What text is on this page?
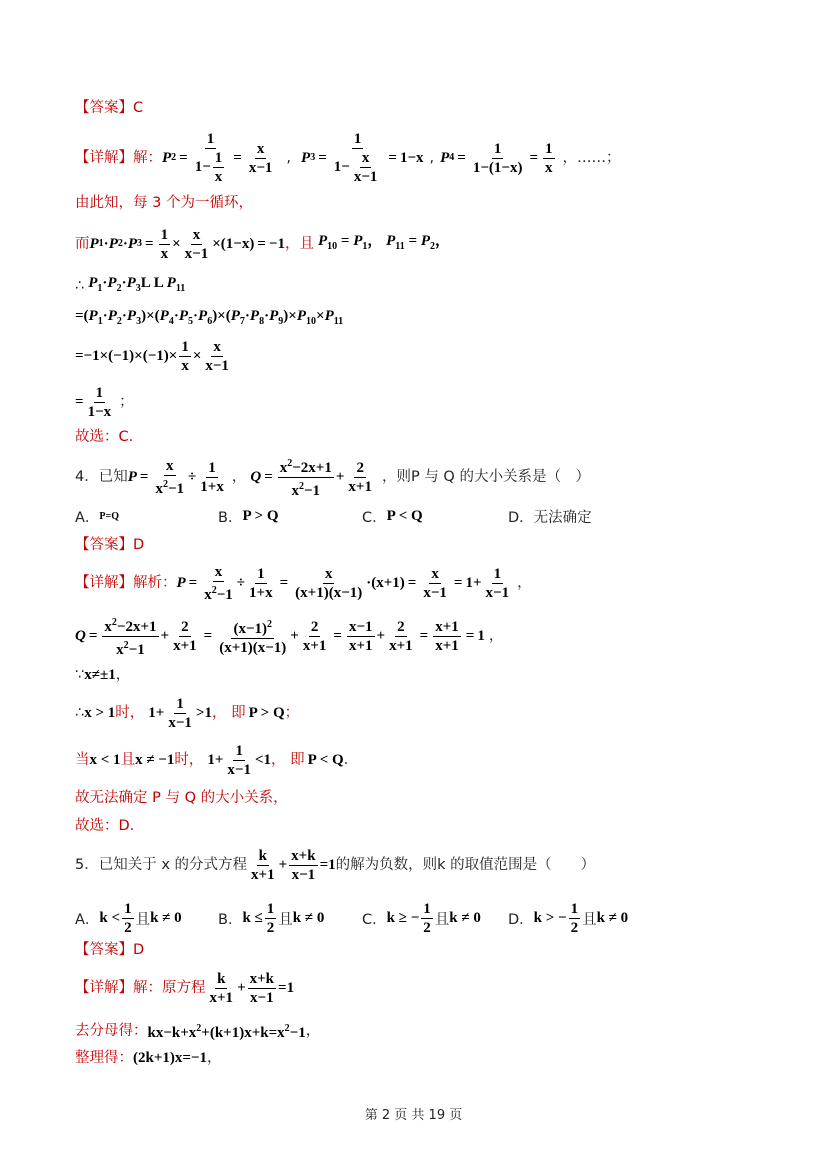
【答案】 C
【详解】 解： P $2 = \frac{1}{1- \frac{1}{x}} = \frac{x}{x-1}$ , P $3 = \frac{1}{1- \frac{x}{x-1}} = 1-x$ , P $4 = \frac{1}{1-(1-x)} = \frac{1}{x}$ ，……；
由此知，每 3 个为一循环，
而 P 1 · P 2 · P $3 = \frac{1}{x} \times \frac{x}{x-1} \times(1-x) = -1$ ，且 $P_{10} = P_1$， $P_{11} = P_2$，
∴ $P_1\cdot P_2\cdot P_3L$ L $P_{11}$
$=(P_1\cdot P_2\cdot P_3)\times(P_4\cdot P_5\cdot P_6)\times(P_7\cdot P_8\cdot P_9)\times P_{10}\times P_{11}$
$=-1\times(-1)\times(-1)\times \frac{1}{x} \times \frac{x}{x-1}$
= $\frac{1}{1-x}$ ；
故选：C.
4． 已知 $P = \frac{x}{x^2-1} \div \frac{1}{1+x}$ ， $Q = \frac{x^2-2x+1}{x^2-1} + \frac{2}{x+1}$ ，则P 与 Q 的大小关系是（　）
A． P=Q	B． P > Q	C． P < Q	D． 无法确定
【答案】 D
【详解】 解析： $P = \frac{x}{x^2-1} \div \frac{1}{1+x} = \frac{x}{(x+1)(x-1)} \cdot(x+1) = \frac{x}{x-1} = 1+ \frac{1}{x-1}$ ，
$Q = \frac{x^2-2x+1}{x^2-1} + \frac{2}{x+1} = \frac{(x-1)^2}{(x+1)(x-1)} + \frac{2}{x+1} = \frac{x-1}{x+1} + \frac{2}{x+1} = \frac{x+1}{x+1} = 1$ ，
∵ x≠±1 ，
∴ x > 1 时， $1+ \frac{1}{x-1} >1$ ， 即 P > Q ；
当 x < 1 且 x ≠ −1 时， $1+ \frac{1}{x-1} <1$ ， 即 P < Q ．
故无法确定 P 与 Q 的大小关系，
故选：D.
5． 已知关于 x 的分式方程 $\frac{k}{x+1} + \frac{x+k}{x-1} =1$ 的解为负数，则k 的取值范围是（　　）
A． $k < \frac{1}{2}$ 且 k ≠ 0	B． $k \le \frac{1}{2}$ 且 k ≠ 0	C． k ≥ − $\frac{1}{2}$ 且 k ≠ 0 D． k > − $\frac{1}{2}$ 且 k ≠ 0
【答案】 D
【详解】 解：原方程 $\frac{k}{x+1} + \frac{x+k}{x-1} =1$
去分母得： $kx-k+x^2+(k+1)x+k=x^2-1$ ，
整理得： (2k+1)x=−1 ，
第 2 页 共 19 页
